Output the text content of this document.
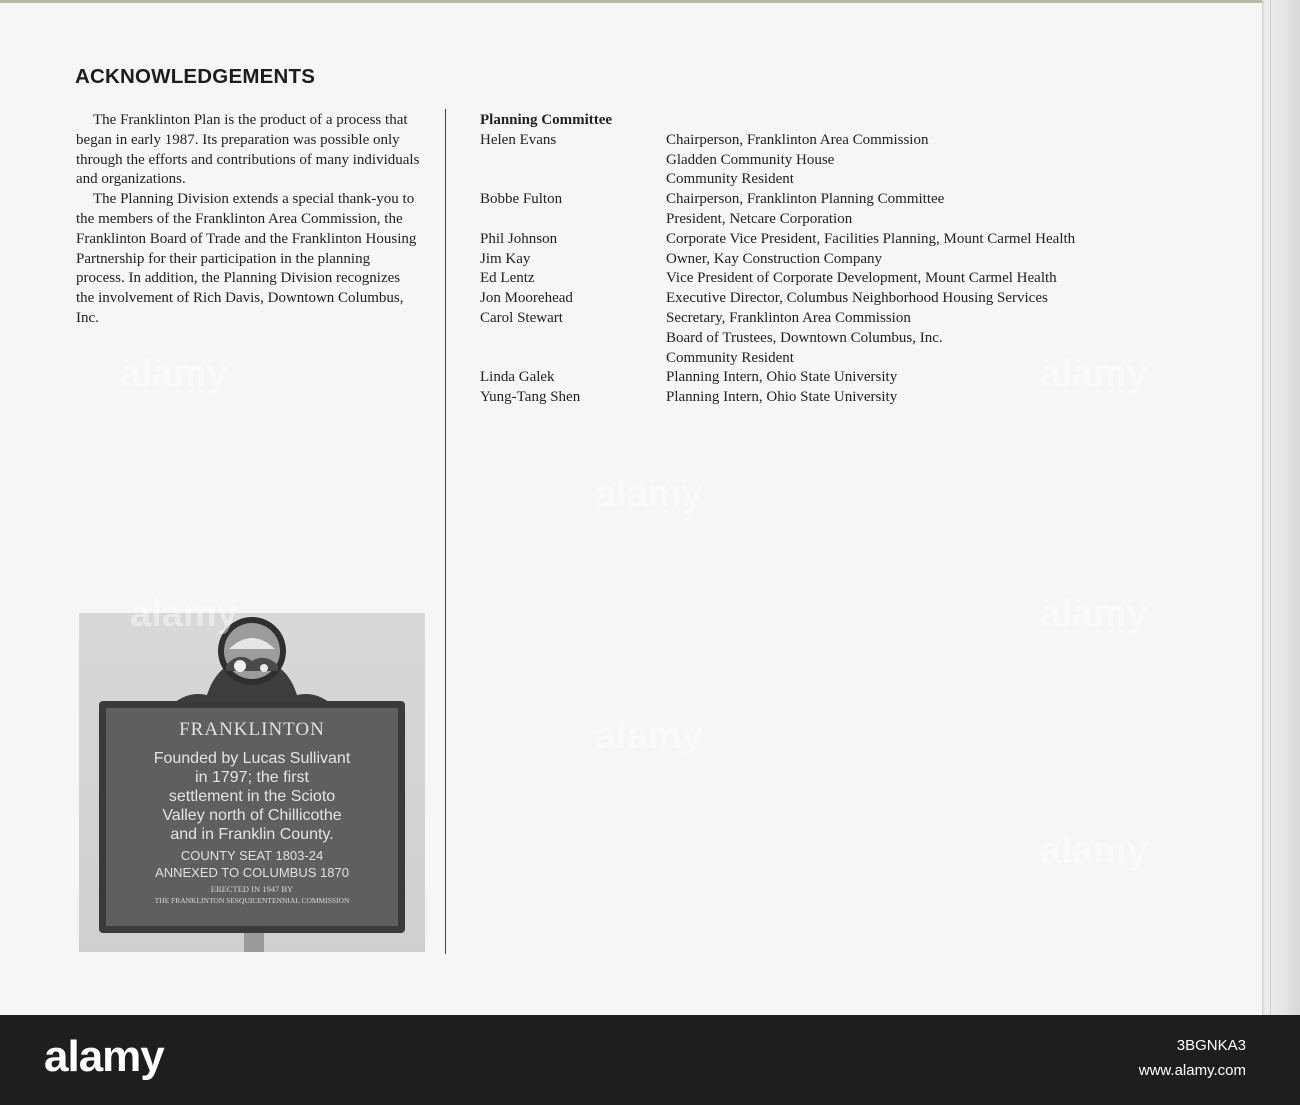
ACKNOWLEDGEMENTS

The Franklinton Plan is the product of a process that began in early 1987. Its preparation was possible only through the efforts and contributions of many individuals and organizations.

The Planning Division extends a special thank-you to the members of the Franklinton Area Commission, the Franklinton Board of Trade and the Franklinton Housing Partnership for their participation in the planning process. In addition, the Planning Division recognizes the involvement of Rich Davis, Downtown Columbus, Inc.

Planning Committee

Helen Evans	Chairperson, Franklinton Area Commission
Gladden Community House
Community Resident
Bobbe Fulton	Chairperson, Franklinton Planning Committee
President, Netcare Corporation
Phil Johnson	Corporate Vice President, Facilities Planning, Mount Carmel Health
Jim Kay	Owner, Kay Construction Company
Ed Lentz	Vice President of Corporate Development, Mount Carmel Health
Jon Moorehead	Executive Director, Columbus Neighborhood Housing Services
Carol Stewart	Secretary, Franklinton Area Commission
Board of Trustees, Downtown Columbus, Inc.
Community Resident
Linda Galek	Planning Intern, Ohio State University
Yung-Tang Shen	Planning Intern, Ohio State University
FRANKLINTON
Founded by Lucas Sullivant
in 1797; the first
settlement in the Scioto
Valley north of Chillicothe
and in Franklin County.
COUNTY SEAT 1803-24
ANNEXED TO COLUMBUS 1870
ERECTED IN 1947 BY
THE FRANKLINTON SESQUICENTENNIAL COMMISSION
alamy	alamy
alamy
alamy	alamy
alamy
alamy
alamy	3BGNKA3
www.alamy.com
